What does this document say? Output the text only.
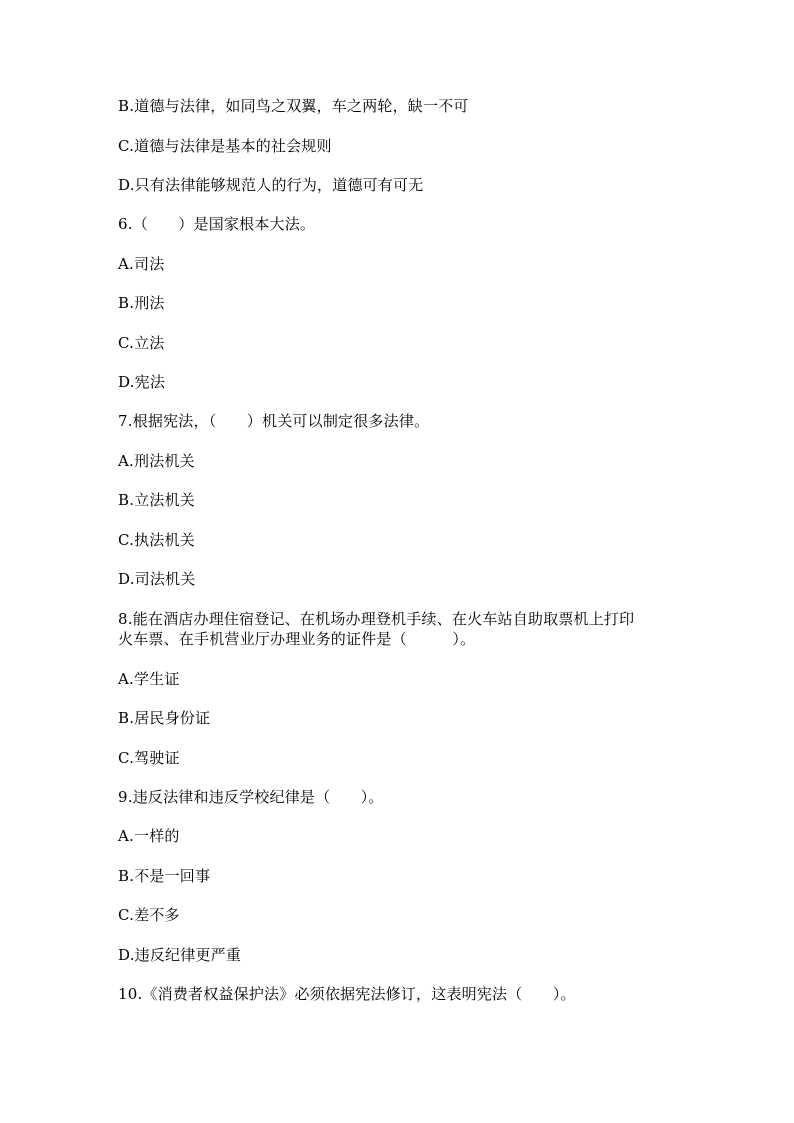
B.道德与法律，如同鸟之双翼，车之两轮，缺一不可
C.道德与法律是基本的社会规则
D.只有法律能够规范人的行为，道德可有可无
6.（　　）是国家根本大法。
A.司法
B.刑法
C.立法
D.宪法
7.根据宪法，（　　）机关可以制定很多法律。
A.刑法机关
B.立法机关
C.执法机关
D.司法机关
8.能在酒店办理住宿登记、在机场办理登机手续、在火车站自助取票机上打印
火车票、在手机营业厅办理业务的证件是（　　　）。
A.学生证
B.居民身份证
C.驾驶证
9.违反法律和违反学校纪律是（　　）。
A.一样的
B.不是一回事
C.差不多
D.违反纪律更严重
10.《消费者权益保护法》必须依据宪法修订，这表明宪法（　　）。
